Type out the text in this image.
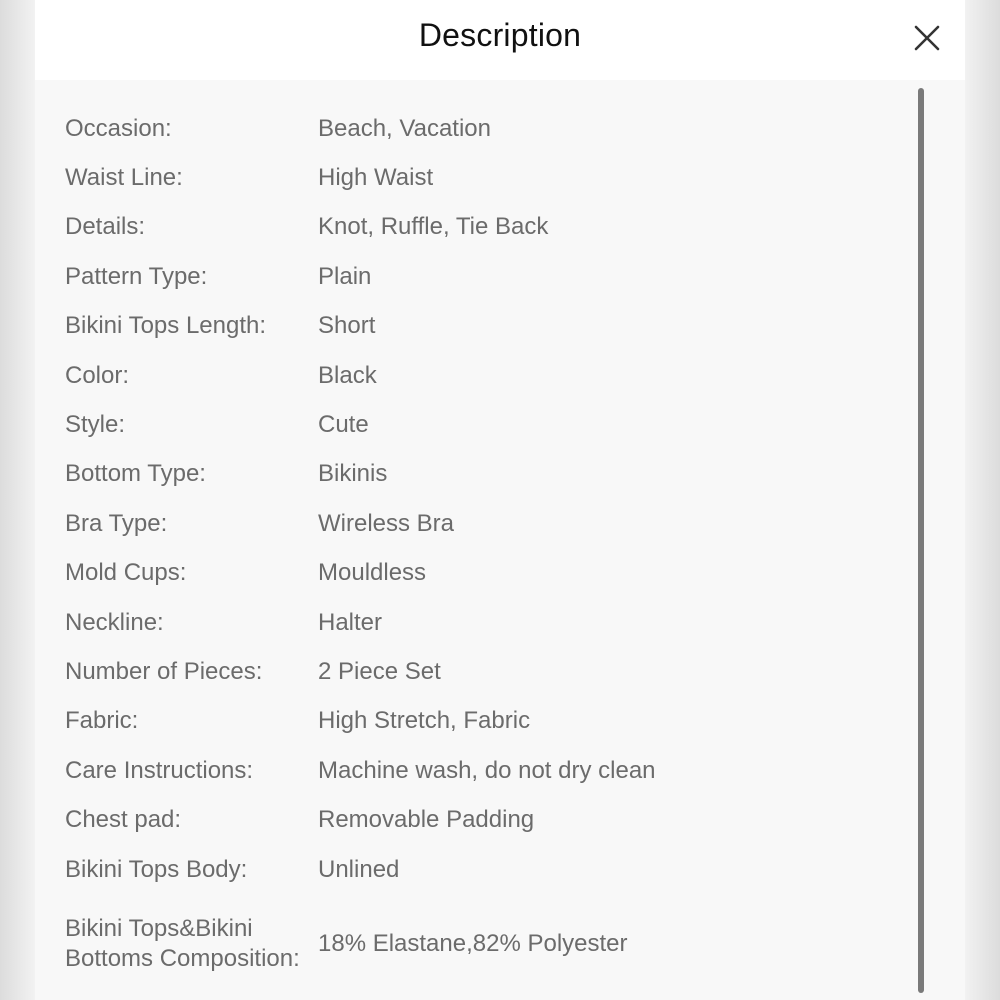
Description
Occasion:	Beach, Vacation
Waist Line:	High Waist
Details:	Knot, Ruffle, Tie Back
Pattern Type:	Plain
Bikini Tops Length:	Short
Color:	Black
Style:	Cute
Bottom Type:	Bikinis
Bra Type:	Wireless Bra
Mold Cups:	Mouldless
Neckline:	Halter
Number of Pieces:	2 Piece Set
Fabric:	High Stretch, Fabric
Care Instructions:	Machine wash, do not dry clean
Chest pad:	Removable Padding
Bikini Tops Body:	Unlined
Bikini Tops&Bikini Bottoms Composition:
18% Elastane,82% Polyester
